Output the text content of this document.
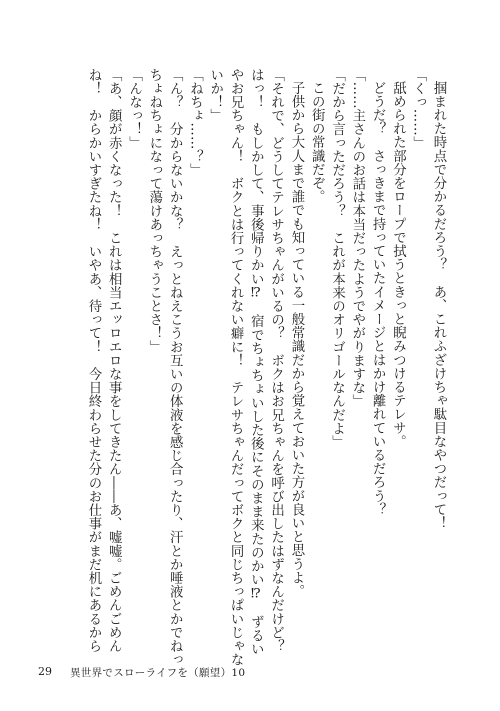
掴まれた時点で分かるだろう？　あ、これふざけちゃ駄目なやつだって！
「くっ……」
舐められた部分をロープで拭うときっと睨みつけるテレサ。
どうだ？　さっきまで持っていたイメージとはかけ離れているだろう？
「……主さんのお話は本当だったようでやがりますな」
「だから言っただろう？　これが本来のオリゴールなんだよ」
この街の常識だぞ。
子供から大人まで誰でも知っている一般常識だから覚えておいた方が良いと思うよ。
「それで、どうしてテレサちゃんがいるの？　ボクはお兄ちゃんを呼び出したはずなんだけど？
はっ！　もしかして、事後帰りかい⁉　宿でちょちょいした後にそのまま来たのかい⁉　ずるい
やお兄ちゃん！　ボクとは行ってくれない癖に！　テレサちゃんだってボクと同じちっぱいじゃな
いか！」
「ねちょ……？」
「ん？　分からないかな？　えっとねえこうお互いの体液を感じ合ったり、汗とか唾液とかでねっ
ちょねちょになって蕩けあっちゃうことさ！」
「んなっ！」
「あ、顔が赤くなった！　これは相当エッロエロな事をしてきたん――あ、嘘嘘。ごめんごめん
ね！　からかいすぎたね！　いやあ、待って！　今日終わらせた分のお仕事がまだ机にあるから
29 異世界でスローライフを（願望）10
